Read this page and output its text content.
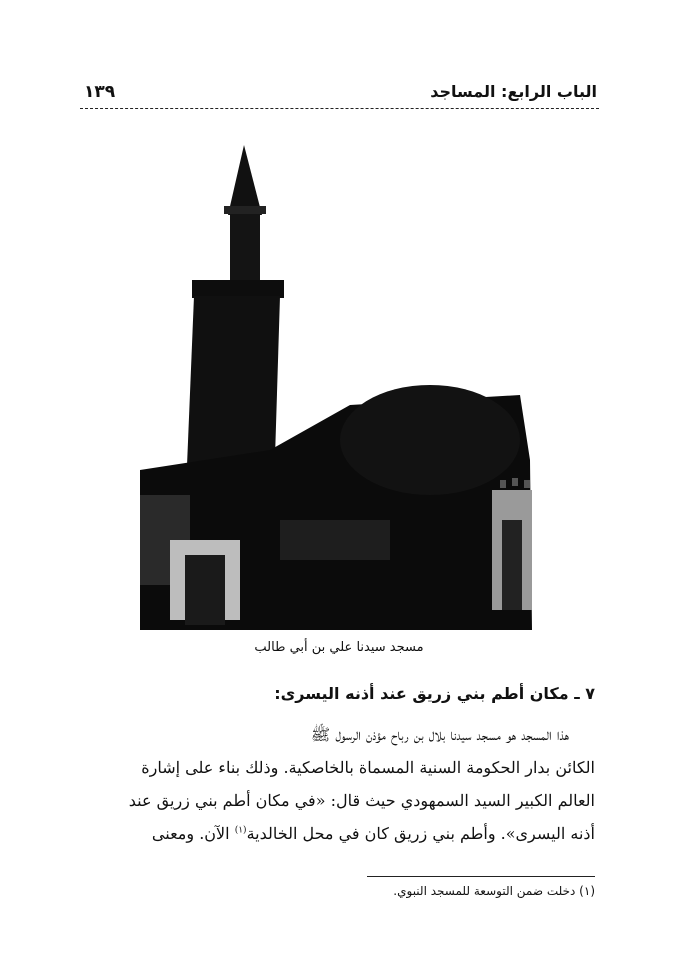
١٣٩	الباب الرابع: المساجد
مسجد سيدنا علي بن أبي طالب
٧ ـ مكان أطم بني زريق عند أذنه اليسرى:

هذا المسجد هو مسجد سيدنا بلال بن رباح مؤذن الرسول ﷺ

الكائن بدار الحكومة السنية المسماة بالخاصكية. وذلك بناء على إشارة

العالم الكبير السيد السمهودي حيث قال: «في مكان أطم بني زريق عند

أذنه اليسرى». وأطم بني زريق كان في محل الخالدية$^{(١)}$ الآن. ومعنى

(١) دخلت ضمن التوسعة للمسجد النبوي.
